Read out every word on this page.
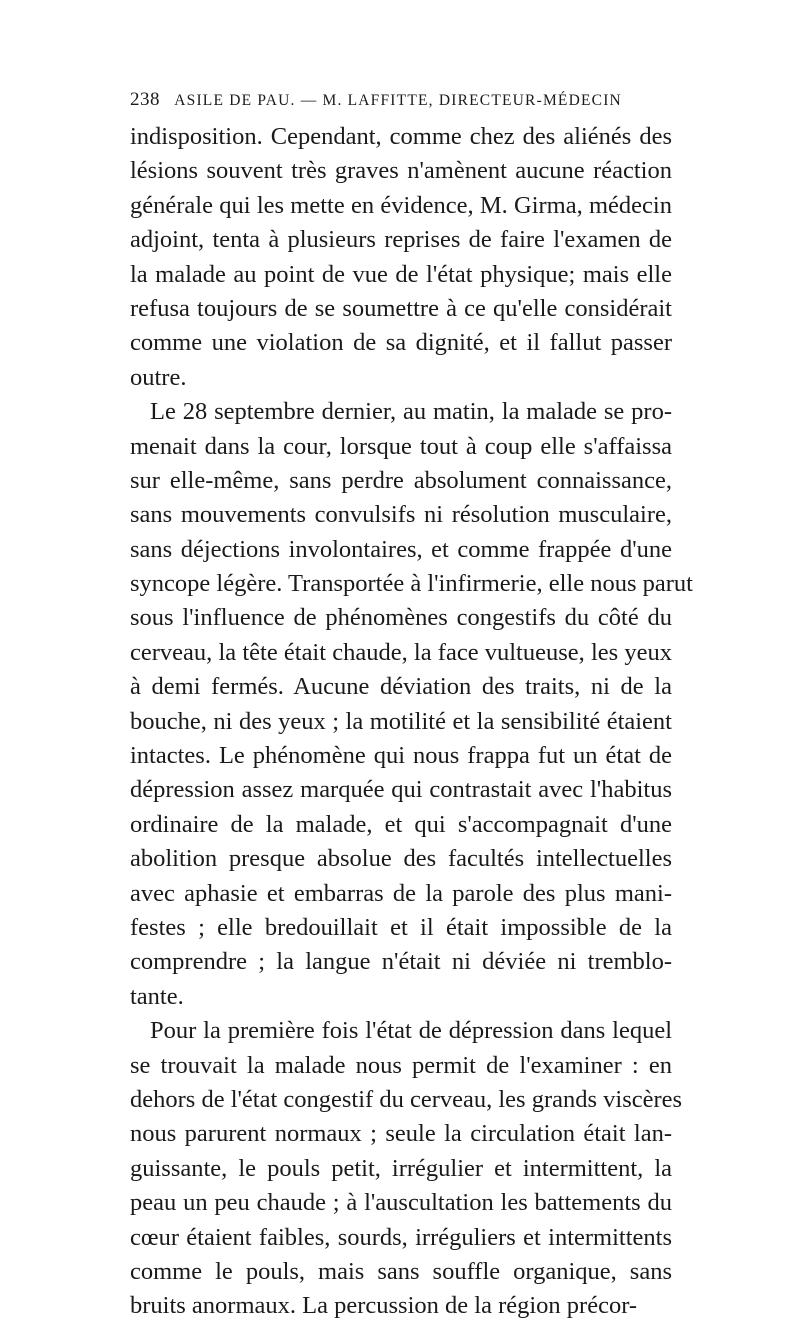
238 ASILE DE PAU. — M. LAFFITTE, DIRECTEUR-MÉDECIN
indisposition. Cependant, comme chez des aliénés des
lésions souvent très graves n'amènent aucune réaction
générale qui les mette en évidence, M. Girma, médecin
adjoint, tenta à plusieurs reprises de faire l'examen de
la malade au point de vue de l'état physique; mais elle
refusa toujours de se soumettre à ce qu'elle considérait
comme une violation de sa dignité, et il fallut passer
outre.
Le 28 septembre dernier, au matin, la malade se pro-
menait dans la cour, lorsque tout à coup elle s'affaissa
sur elle-même, sans perdre absolument connaissance,
sans mouvements convulsifs ni résolution musculaire,
sans déjections involontaires, et comme frappée d'une
syncope légère. Transportée à l'infirmerie, elle nous parut
sous l'influence de phénomènes congestifs du côté du
cerveau, la tête était chaude, la face vultueuse, les yeux
à demi fermés. Aucune déviation des traits, ni de la
bouche, ni des yeux ; la motilité et la sensibilité étaient
intactes. Le phénomène qui nous frappa fut un état de
dépression assez marquée qui contrastait avec l'habitus
ordinaire de la malade, et qui s'accompagnait d'une
abolition presque absolue des facultés intellectuelles
avec aphasie et embarras de la parole des plus mani-
festes ; elle bredouillait et il était impossible de la
comprendre ; la langue n'était ni déviée ni tremblo-
tante.
Pour la première fois l'état de dépression dans lequel
se trouvait la malade nous permit de l'examiner : en
dehors de l'état congestif du cerveau, les grands viscères
nous parurent normaux ; seule la circulation était lan-
guissante, le pouls petit, irrégulier et intermittent, la
peau un peu chaude ; à l'auscultation les battements du
cœur étaient faibles, sourds, irréguliers et intermittents
comme le pouls, mais sans souffle organique, sans
bruits anormaux. La percussion de la région précor-
